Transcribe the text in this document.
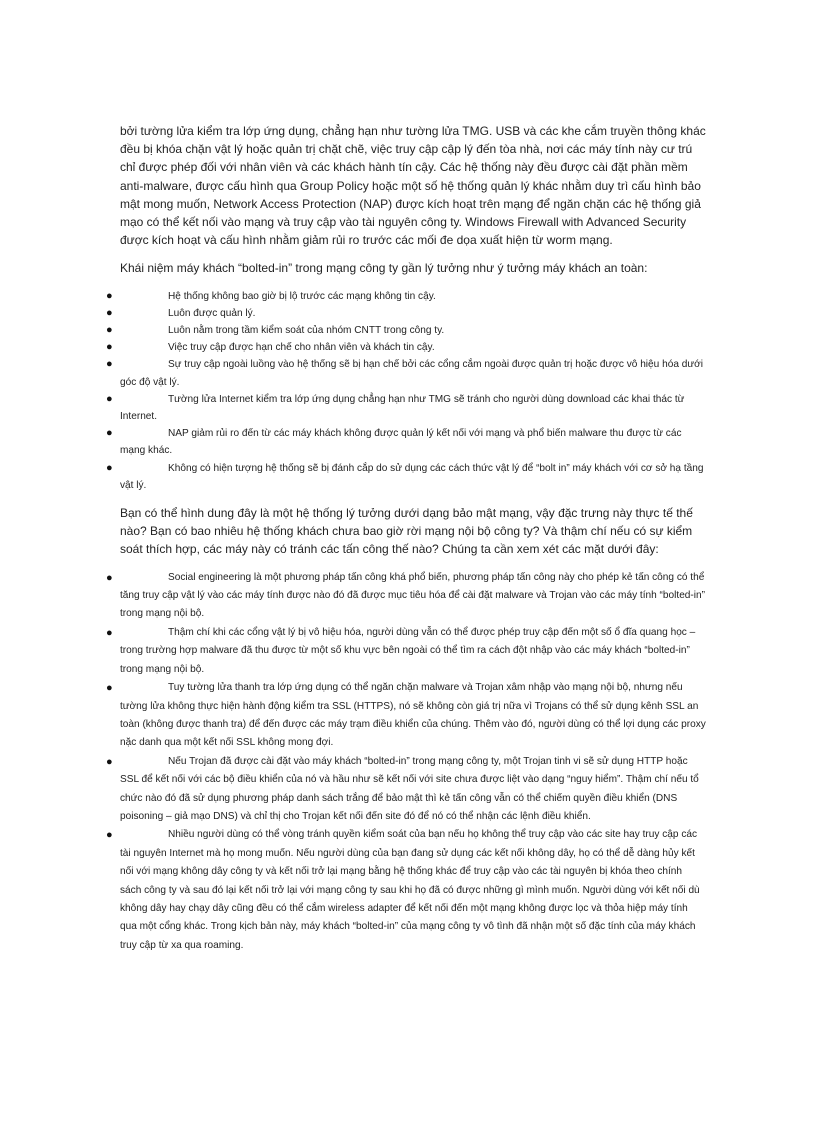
bởi tường lửa kiểm tra lớp ứng dụng, chẳng hạn như tường lửa TMG. USB và các khe cắm truyền thông khác đều bị khóa chặn vật lý hoặc quản trị chặt chẽ, việc truy cập cập lý đến tòa nhà, nơi các máy tính này cư trú chỉ được phép đối với nhân viên và các khách hành tín cậy. Các hệ thống này đều được cài đặt phần mềm anti-malware, được cấu hình qua Group Policy hoặc một số hệ thống quản lý khác nhằm duy trì cấu hình bảo mật mong muốn, Network Access Protection (NAP) được kích hoạt trên mạng để ngăn chặn các hệ thống giả mạo có thể kết nối vào mạng và truy cập vào tài nguyên công ty. Windows Firewall with Advanced Security được kích hoạt và cấu hình nhằm giảm rủi ro trước các mối đe dọa xuất hiện từ worm mạng.

Khái niệm máy khách “bolted-in” trong mạng công ty gần lý tưởng như ý tưởng máy khách an toàn:

●	Hệ thống không bao giờ bị lộ trước các mạng không tin cậy.
●	Luôn được quản lý.
●	Luôn nằm trong tầm kiểm soát của nhóm CNTT trong công ty.
●	Việc truy cập được hạn chế cho nhân viên và khách tin cậy.
●	Sự truy cập ngoài luồng vào hệ thống sẽ bị hạn chế bởi các cổng cắm ngoài được quản trị hoặc được vô hiệu hóa dưới góc độ vật lý.
●	Tường lửa Internet kiểm tra lớp ứng dụng chẳng hạn như TMG sẽ tránh cho người dùng download các khai thác từ Internet.
●	NAP giảm rủi ro đến từ các máy khách không được quản lý kết nối với mạng và phổ biến malware thu được từ các mạng khác.
●	Không có hiện tượng hệ thống sẽ bị đánh cắp do sử dụng các cách thức vật lý để “bolt in” máy khách với cơ sở hạ tầng vật lý.

Bạn có thể hình dung đây là một hệ thống lý tưởng dưới dạng bảo mật mạng, vậy đặc trưng này thực tế thế nào? Bạn có bao nhiêu hệ thống khách chưa bao giờ rời mạng nội bộ công ty? Và thậm chí nếu có sự kiểm soát thích hợp, các máy này có tránh các tấn công thế nào? Chúng ta cần xem xét các mặt dưới đây:

●	Social engineering là một phương pháp tấn công khá phổ biến, phương pháp tấn công này cho phép kẻ tấn công có thể tăng truy cập vật lý vào các máy tính được nào đó đã được mục tiêu hóa để cài đặt malware và Trojan vào các máy tính “bolted-in” trong mạng nội bộ.
●	Thậm chí khi các cổng vật lý bị vô hiệu hóa, người dùng vẫn có thể được phép truy cập đến một số ổ đĩa quang học – trong trường hợp malware đã thu được từ một số khu vực bên ngoài có thể tìm ra cách đột nhập vào các máy khách “bolted-in” trong mạng nội bộ.
●	Tuy tường lửa thanh tra lớp ứng dụng có thể ngăn chặn malware và Trojan xâm nhập vào mạng nội bộ, nhưng nếu tường lửa không thực hiện hành động kiểm tra SSL (HTTPS), nó sẽ không còn giá trị nữa vì Trojans có thể sử dụng kênh SSL an toàn (không được thanh tra) để đến được các máy trạm điều khiển của chúng. Thêm vào đó, người dùng có thể lợi dụng các proxy nặc danh qua một kết nối SSL không mong đợi.
●	Nếu Trojan đã được cài đặt vào máy khách “bolted-in” trong mạng công ty, một Trojan tinh vi sẽ sử dụng HTTP hoặc SSL để kết nối với các bộ điều khiển của nó và hầu như sẽ kết nối với site chưa được liệt vào dạng “nguy hiểm”. Thậm chí nếu tổ chức nào đó đã sử dụng phương pháp danh sách trắng để bảo mật thì kẻ tấn công vẫn có thể chiếm quyền điều khiển (DNS poisoning – giả mạo DNS) và chỉ thị cho Trojan kết nối đến site đó để nó có thể nhận các lệnh điều khiển.
●	Nhiều người dùng có thể vòng tránh quyền kiểm soát của bạn nếu họ không thể truy cập vào các site hay truy cập các tài nguyên Internet mà họ mong muốn. Nếu người dùng của bạn đang sử dụng các kết nối không dây, họ có thể dễ dàng hủy kết nối với mạng không dây công ty và kết nối trở lại mạng bằng hệ thống khác để truy cập vào các tài nguyên bị khóa theo chính sách công ty và sau đó lại kết nối trở lại với mạng công ty sau khi họ đã có được những gì mình muốn. Người dùng với kết nối dù không dây hay chạy dây cũng đều có thể cắm wireless adapter để kết nối đến một mạng không được lọc và thỏa hiệp máy tính qua một cổng khác. Trong kịch bản này, máy khách “bolted-in” của mạng công ty vô tình đã nhận một số đặc tính của máy khách truy cập từ xa qua roaming.
